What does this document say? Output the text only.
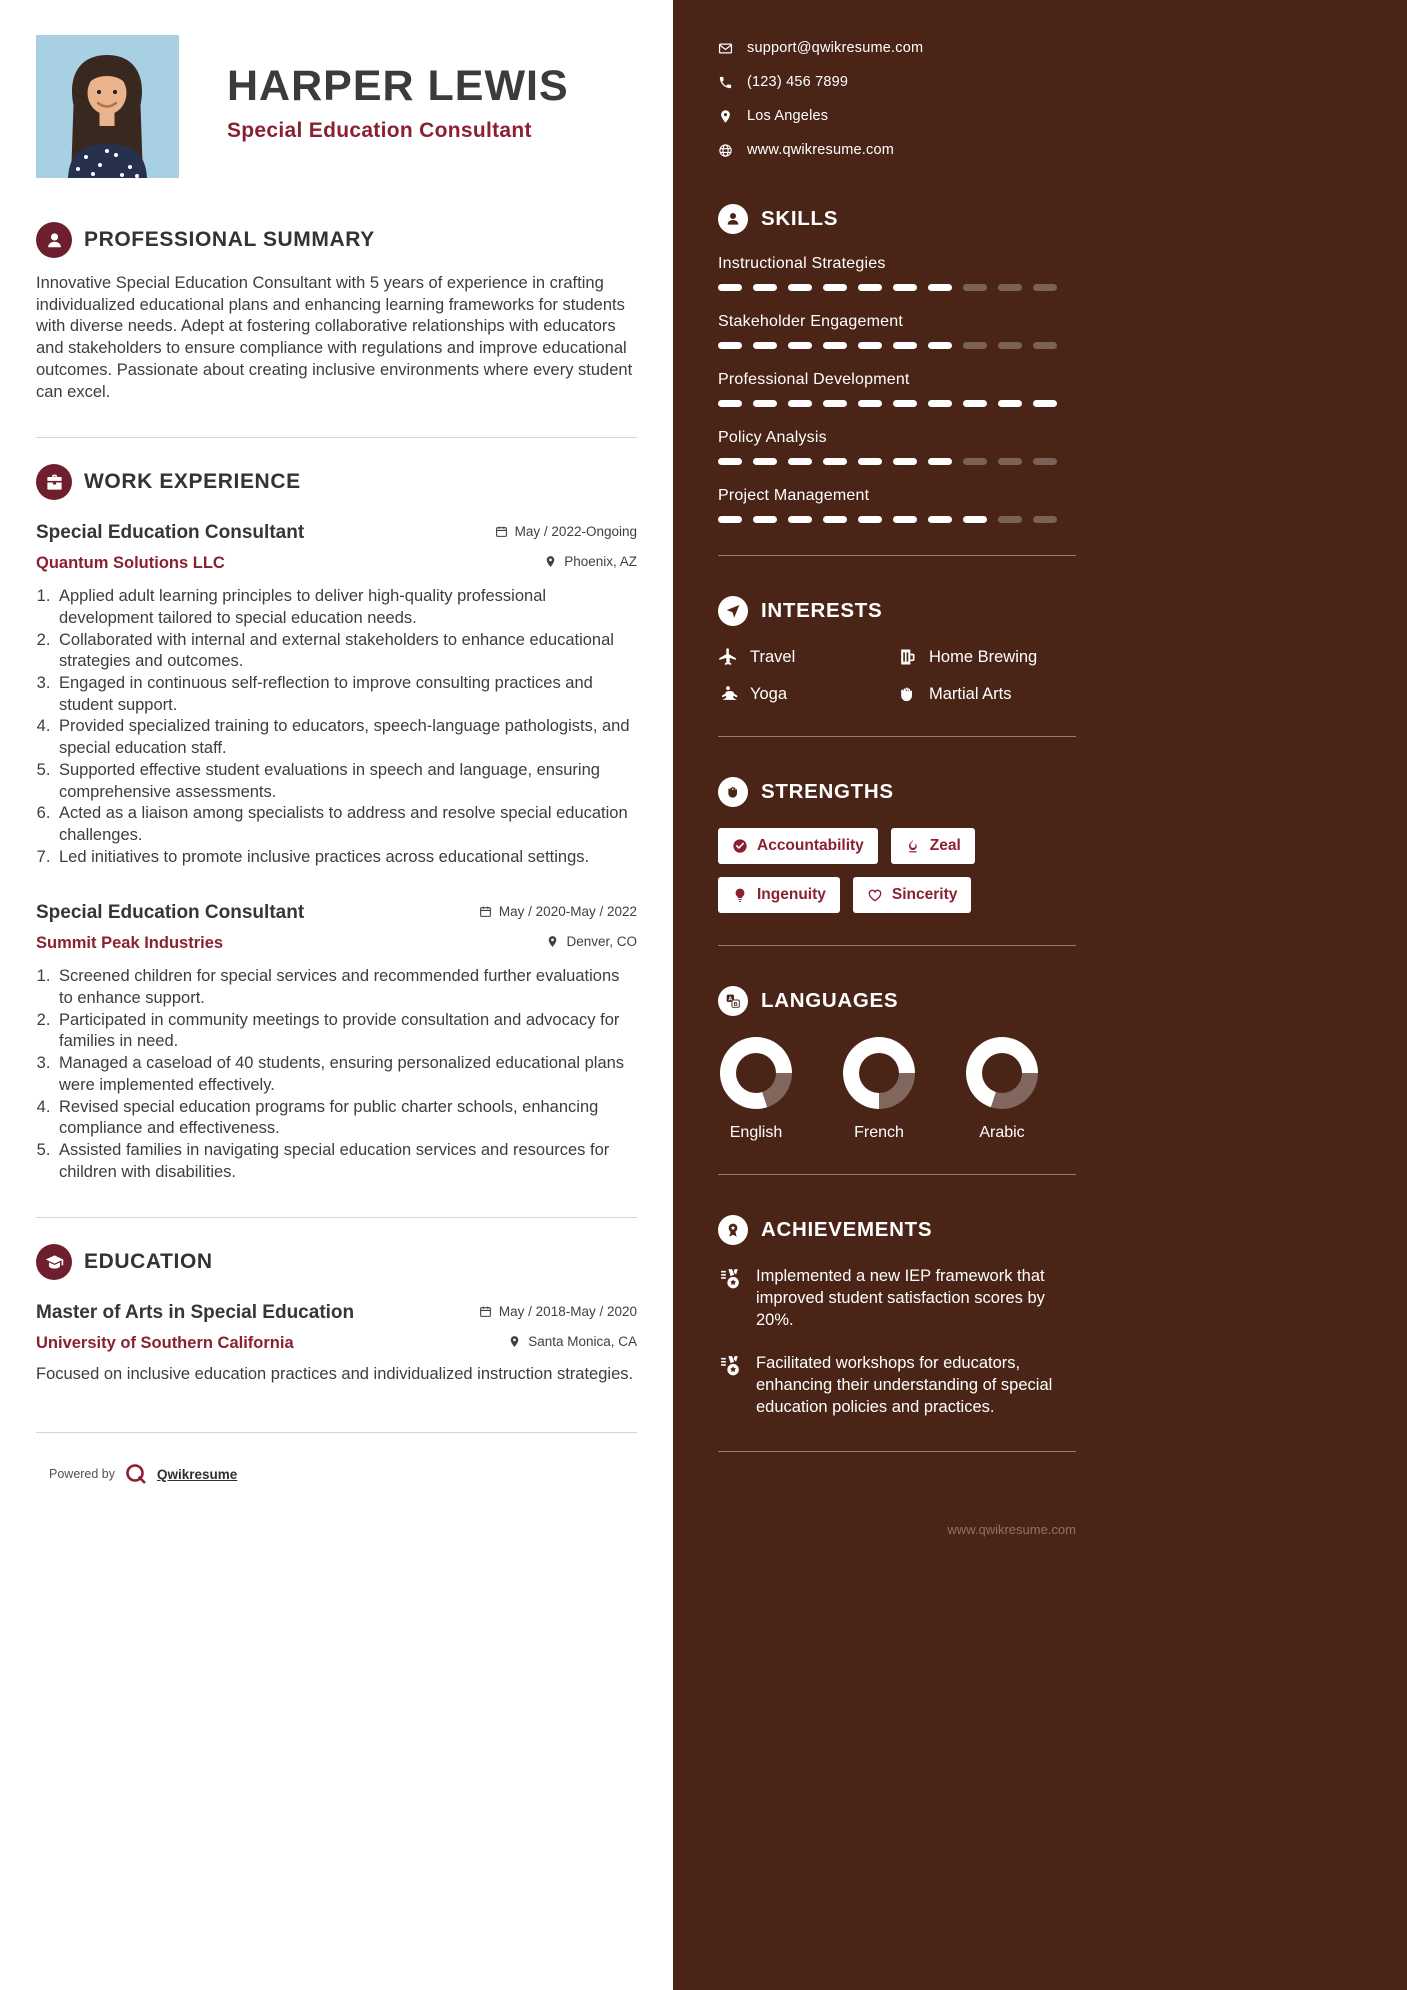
HARPER LEWIS
Special Education Consultant
PROFESSIONAL SUMMARY

Innovative Special Education Consultant with 5 years of experience in crafting individualized educational plans and enhancing learning frameworks for students with diverse needs. Adept at fostering collaborative relationships with educators and stakeholders to ensure compliance with regulations and improve educational outcomes. Passionate about creating inclusive environments where every student can excel.

WORK EXPERIENCE
Special Education Consultant	May / 2022-Ongoing
Quantum Solutions LLC	Phoenix, AZ
1. Applied adult learning principles to deliver high-quality professional development tailored to special education needs.
2. Collaborated with internal and external stakeholders to enhance educational strategies and outcomes.
3. Engaged in continuous self-reflection to improve consulting practices and student support.
4. Provided specialized training to educators, speech-language pathologists, and special education staff.
5. Supported effective student evaluations in speech and language, ensuring comprehensive assessments.
6. Acted as a liaison among specialists to address and resolve special education challenges.
7. Led initiatives to promote inclusive practices across educational settings.
Special Education Consultant	May / 2020-May / 2022
Summit Peak Industries	Denver, CO
1. Screened children for special services and recommended further evaluations to enhance support.
2. Participated in community meetings to provide consultation and advocacy for families in need.
3. Managed a caseload of 40 students, ensuring personalized educational plans were implemented effectively.
4. Revised special education programs for public charter schools, enhancing compliance and effectiveness.
5. Assisted families in navigating special education services and resources for children with disabilities.
EDUCATION
Master of Arts in Special Education	May / 2018-May / 2020
University of Southern California	Santa Monica, CA

Focused on inclusive education practices and individualized instruction strategies.

Powered by	Qwikresume
support@qwikresume.com
(123) 456 7899
Los Angeles
www.qwikresume.com
SKILLS
Instructional Strategies
Stakeholder Engagement
Professional Development
Policy Analysis
Project Management
INTERESTS
Travel	Home Brewing
Yoga	Martial Arts
STRENGTHS
Accountability	Zeal
Ingenuity	Sincerity
A
B LANGUAGES
English	French	Arabic
ACHIEVEMENTS
Implemented a new IEP framework that improved student satisfaction scores by 20%.
Facilitated workshops for educators, enhancing their understanding of special education policies and practices.
www.qwikresume.com
